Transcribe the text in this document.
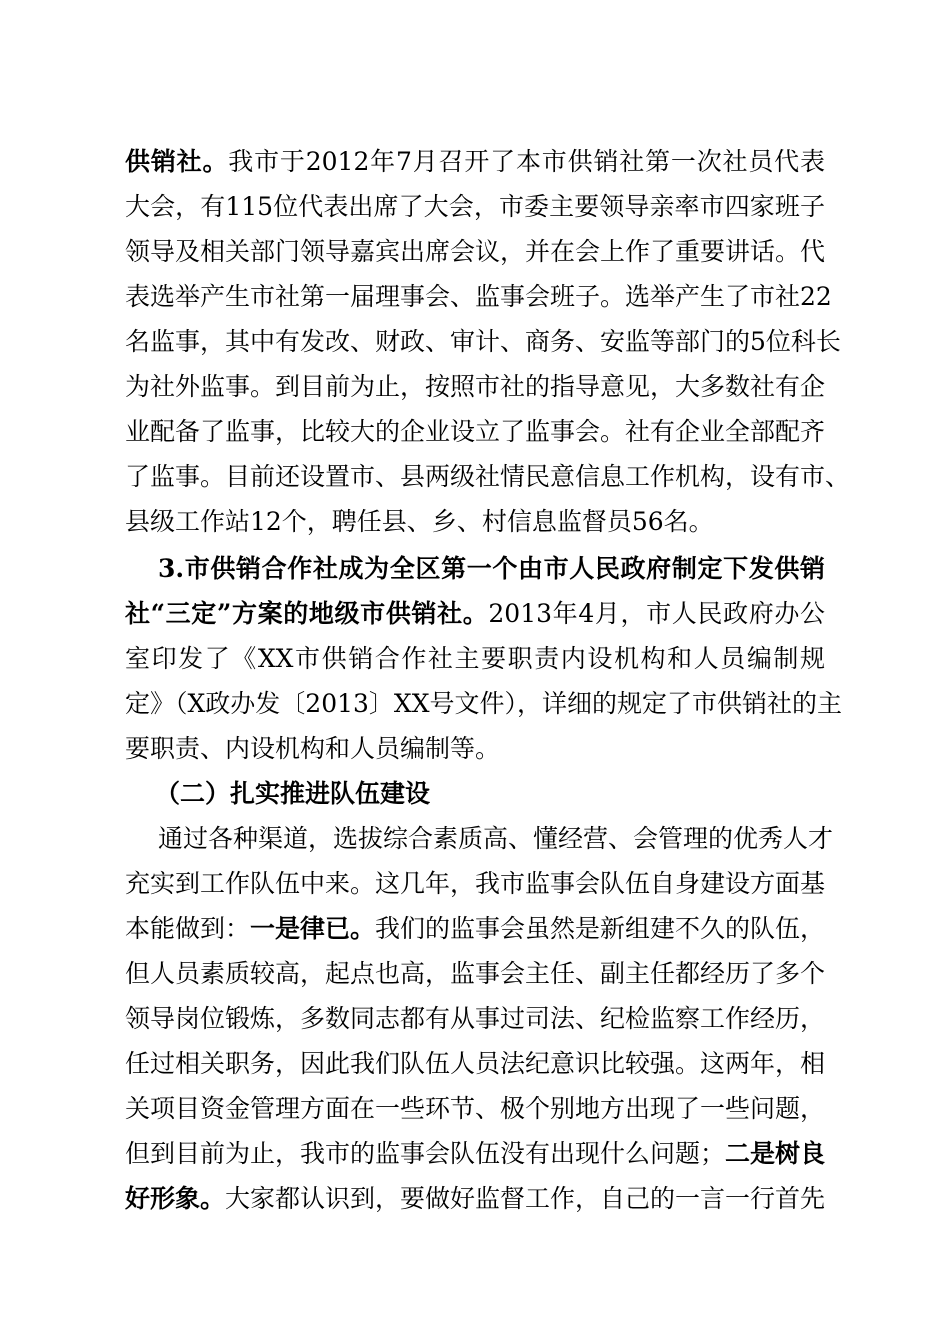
供销社。我市于2012年7月召开了本市供销社第一次社员代表
大会，有115位代表出席了大会，市委主要领导亲率市四家班子
领导及相关部门领导嘉宾出席会议，并在会上作了重要讲话。代
表选举产生市社第一届理事会、监事会班子。选举产生了市社22
名监事，其中有发改、财政、审计、商务、安监等部门的5位科长
为社外监事。到目前为止，按照市社的指导意见，大多数社有企
业配备了监事，比较大的企业设立了监事会。社有企业全部配齐
了监事。目前还设置市、县两级社情民意信息工作机构，设有市、
县级工作站12个，聘任县、乡、村信息监督员56名。
3.市供销合作社成为全区第一个由市人民政府制定下发供销
社“三定”方案的地级市供销社。2013年4月，市人民政府办公
室印发了《XX市供销合作社主要职责内设机构和人员编制规
定》（X政办发〔2013〕XX号文件），详细的规定了市供销社的主
要职责、内设机构和人员编制等。
（二）扎实推进队伍建设
通过各种渠道，选拔综合素质高、懂经营、会管理的优秀人才
充实到工作队伍中来。这几年，我市监事会队伍自身建设方面基
本能做到：一是律已。我们的监事会虽然是新组建不久的队伍，
但人员素质较高，起点也高，监事会主任、副主任都经历了多个
领导岗位锻炼，多数同志都有从事过司法、纪检监察工作经历，
任过相关职务，因此我们队伍人员法纪意识比较强。这两年，相
关项目资金管理方面在一些环节、极个别地方出现了一些问题，
但到目前为止，我市的监事会队伍没有出现什么问题；二是树良
好形象。大家都认识到，要做好监督工作，自己的一言一行首先
